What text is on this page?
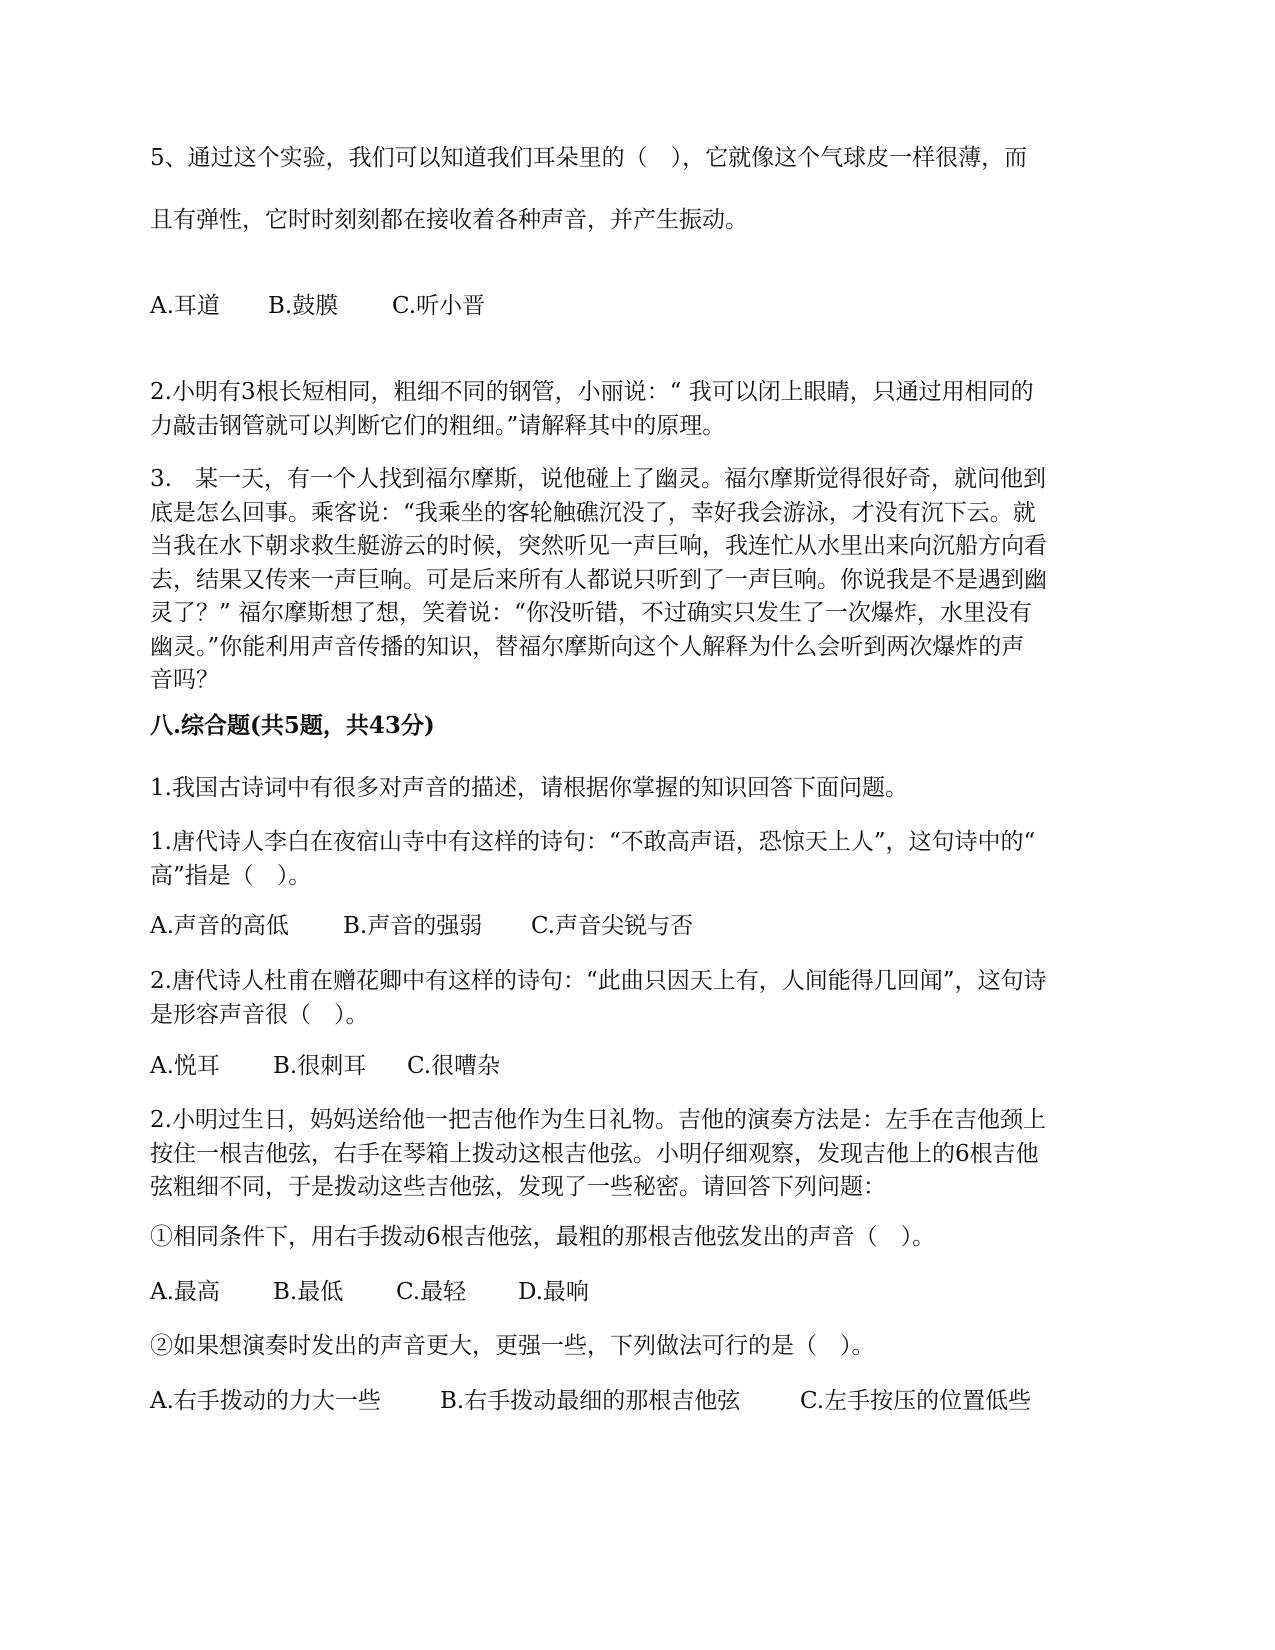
5、通过这个实验，我们可以知道我们耳朵里的（　），它就像这个气球皮一样很薄，而
且有弹性，它时时刻刻都在接收着各种声音，并产生振动。
A.耳道 B.鼓膜 C.听小晋
2.小明有3根长短相同，粗细不同的钢管，小丽说：“ 我可以闭上眼睛，只通过用相同的
力敲击钢管就可以判断它们的粗细。”请解释其中的原理。
3.　某一天，有一个人找到福尔摩斯，说他碰上了幽灵。福尔摩斯觉得很好奇，就问他到
底是怎么回事。乘客说：“我乘坐的客轮触礁沉没了，幸好我会游泳，才没有沉下云。就
当我在水下朝求救生艇游云的时候，突然听见一声巨响，我连忙从水里出来向沉船方向看
去，结果又传来一声巨响。可是后来所有人都说只听到了一声巨响。你说我是不是遇到幽
灵了？” 福尔摩斯想了想，笑着说：“你没听错，不过确实只发生了一次爆炸，水里没有
幽灵。”你能利用声音传播的知识，替福尔摩斯向这个人解释为什么会听到两次爆炸的声
音吗？
八.综合题(共5题，共43分)
1.我国古诗词中有很多对声音的描述，请根据你掌握的知识回答下面问题。
1.唐代诗人李白在夜宿山寺中有这样的诗句：“不敢高声语，恐惊天上人”，这句诗中的“
高”指是（　）。
A.声音的高低 B.声音的强弱 C.声音尖锐与否
2.唐代诗人杜甫在赠花卿中有这样的诗句：“此曲只因天上有，人间能得几回闻”，这句诗
是形容声音很（　）。
A.悦耳 B.很刺耳 C.很嘈杂
2.小明过生日，妈妈送给他一把吉他作为生日礼物。吉他的演奏方法是：左手在吉他颈上
按住一根吉他弦，右手在琴箱上拨动这根吉他弦。小明仔细观察，发现吉他上的6根吉他
弦粗细不同，于是拨动这些吉他弦，发现了一些秘密。请回答下列问题：
①相同条件下，用右手拨动6根吉他弦，最粗的那根吉他弦发出的声音（　）。
A.最高 B.最低 C.最轻 D.最响
②如果想演奏时发出的声音更大，更强一些，下列做法可行的是（　）。
A.右手拨动的力大一些	B.右手拨动最细的那根吉他弦	C.左手按压的位置低些
